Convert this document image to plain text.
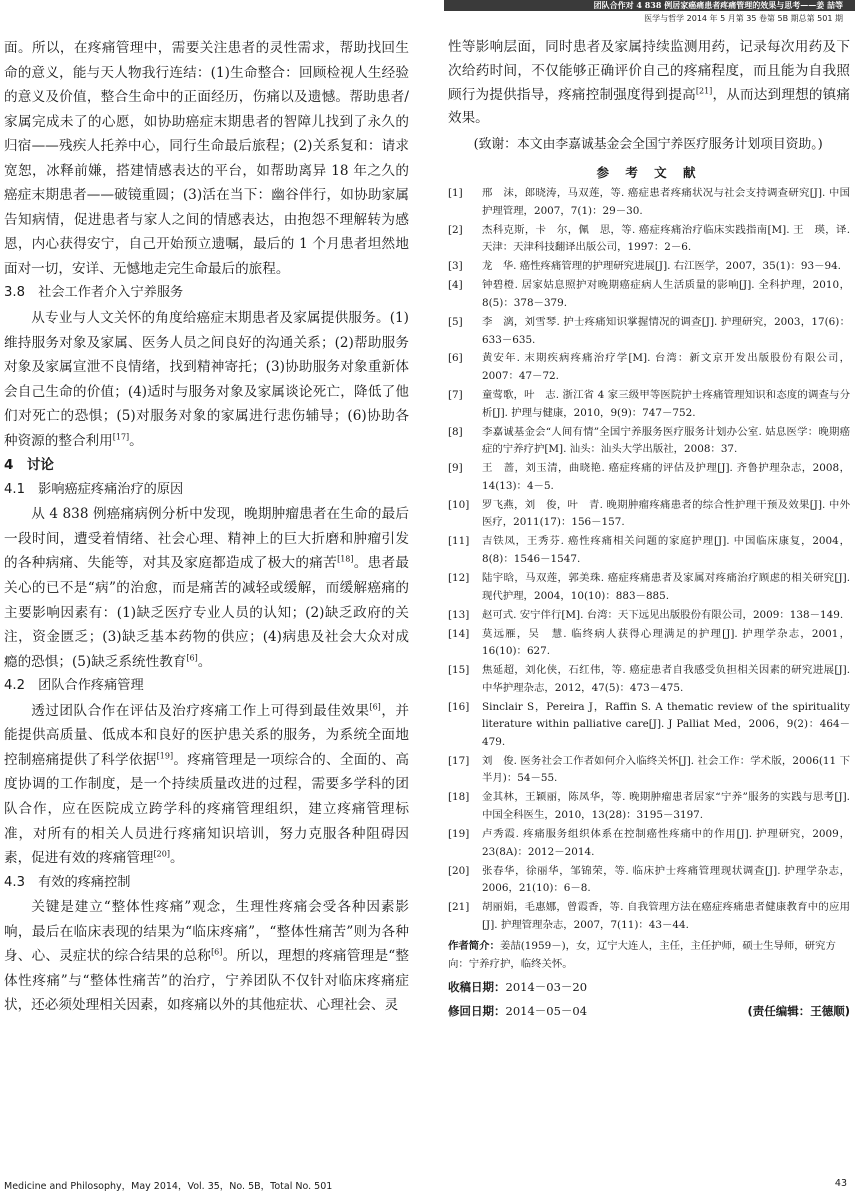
团队合作对 4 838 例居家癌痛患者疼痛管理的效果与思考——姜 喆等
医学与哲学 2014 年 5 月第 35 卷第 5B 期总第 501 期

面。所以，在疼痛管理中，需要关注患者的灵性需求，帮助找回生命的意义，能与天人物我行连结：(1)生命整合：回顾检视人生经验的意义及价值，整合生命中的正面经历，伤痛以及遗憾。帮助患者/家属完成未了的心愿，如协助癌症末期患者的智障儿找到了永久的归宿——残疾人托养中心，同行生命最后旅程；(2)关系复和：请求宽恕，冰释前嫌，搭建情感表达的平台，如帮助离异 18 年之久的癌症末期患者——破镜重圆；(3)活在当下：幽谷伴行，如协助家属告知病情，促进患者与家人之间的情感表达，由抱怨不理解转为感恩，内心获得安宁，自己开始预立遗嘱，最后的 1 个月患者坦然地面对一切，安详、无憾地走完生命最后的旅程。

3.8　社会工作者介入宁养服务

从专业与人文关怀的角度给癌症末期患者及家属提供服务。(1)维持服务对象及家属、医务人员之间良好的沟通关系；(2)帮助服务对象及家属宣泄不良情绪，找到精神寄托；(3)协助服务对象重新体会自己生命的价值；(4)适时与服务对象及家属谈论死亡，降低了他们对死亡的恐惧；(5)对服务对象的家属进行悲伤辅导；(6)协助各种资源的整合利用[17]。

4　讨论

4.1　影响癌症疼痛治疗的原因

从 4 838 例癌痛病例分析中发现，晚期肿瘤患者在生命的最后一段时间，遭受着情绪、社会心理、精神上的巨大折磨和肿瘤引发的各种病痛、失能等，对其及家庭都造成了极大的痛苦[18]。患者最关心的已不是“病”的治愈，而是痛苦的减轻或缓解，而缓解癌痛的主要影响因素有：(1)缺乏医疗专业人员的认知；(2)缺乏政府的关注，资金匮乏；(3)缺乏基本药物的供应；(4)病患及社会大众对成瘾的恐惧；(5)缺乏系统性教育[6]。

4.2　团队合作疼痛管理

透过团队合作在评估及治疗疼痛工作上可得到最佳效果[6]，并能提供高质量、低成本和良好的医护患关系的服务，为系统全面地控制癌痛提供了科学依据[19]。疼痛管理是一项综合的、全面的、高度协调的工作制度，是一个持续质量改进的过程，需要多学科的团队合作，应在医院成立跨学科的疼痛管理组织，建立疼痛管理标准，对所有的相关人员进行疼痛知识培训，努力克服各种阻碍因素，促进有效的疼痛管理[20]。

4.3　有效的疼痛控制

关键是建立“整体性疼痛”观念，生理性疼痛会受各种因素影响，最后在临床表现的结果为“临床疼痛”，“整体性痛苦”则为各种身、心、灵症状的综合结果的总称[6]。所以，理想的疼痛管理是“整体性疼痛”与“整体性痛苦”的治疗，宁养团队不仅针对临床疼痛症状，还必须处理相关因素，如疼痛以外的其他症状、心理社会、灵

性等影响层面，同时患者及家属持续监测用药，记录每次用药及下次给药时间，不仅能够正确评价自己的疼痛程度，而且能为自我照顾行为提供指导，疼痛控制强度得到提高[21]，从而达到理想的镇痛效果。

(致谢：本文由李嘉诚基金会全国宁养医疗服务计划项目资助。)

参 考 文 献
[1]	邢　沫，郎晓涛，马双莲，等. 癌症患者疼痛状况与社会支持调查研究[J]. 中国护理管理，2007，7(1)：29－30.
[2]	杰科克斯，卡　尔，佩　思，等. 癌症疼痛治疗临床实践指南[M]. 王　瑛，译. 天津：天津科技翻译出版公司，1997：2－6.
[3]	龙　华. 癌性疼痛管理的护理研究进展[J]. 右江医学，2007，35(1)：93－94.
[4]	钟碧橙. 居家姑息照护对晚期癌症病人生活质量的影响[J]. 全科护理，2010，8(5)：378－379.
[5]	李　漓，刘雪琴. 护士疼痛知识掌握情况的调查[J]. 护理研究，2003，17(6)：633－635.
[6]	黄安年. 末期疾病疼痛治疗学[M]. 台湾：新文京开发出版股份有限公司，2007：47－72.
[7]	童莺歌，叶　志. 浙江省 4 家三级甲等医院护士疼痛管理知识和态度的调查与分析[J]. 护理与健康，2010，9(9)：747－752.
[8]	李嘉诚基金会“人间有情”全国宁养服务医疗服务计划办公室. 姑息医学：晚期癌症的宁养疗护[M]. 汕头：汕头大学出版社，2008：37.
[9]	王　蔷，刘玉清，曲晓艳. 癌症疼痛的评估及护理[J]. 齐鲁护理杂志，2008，14(13)：4－5.
[10]	罗飞燕，刘　俊，叶　青. 晚期肿瘤疼痛患者的综合性护理干预及效果[J]. 中外医疗，2011(17)：156－157.
[11]	吉铁凤，王秀芬. 癌性疼痛相关问题的家庭护理[J]. 中国临床康复，2004，8(8)：1546－1547.
[12]	陆宇晗，马双莲，郭美珠. 癌症疼痛患者及家属对疼痛治疗顾虑的相关研究[J]. 现代护理，2004，10(10)：883－885.
[13]	赵可式. 安宁伴行[M]. 台湾：天下远见出版股份有限公司，2009：138－149.
[14]	莫远雁，吴　慧. 临终病人获得心理满足的护理[J]. 护理学杂志，2001，16(10)：627.
[15]	焦延超，刘化侠，石红伟，等. 癌症患者自我感受负担相关因素的研究进展[J]. 中华护理杂志，2012，47(5)：473－475.
[16]	Sinclair S，Pereira J，Raffin S. A thematic review of the spirituality literature within palliative care[J]. J Palliat Med，2006，9(2)：464－479.
[17]	刘　俊. 医务社会工作者如何介入临终关怀[J]. 社会工作：学术版，2006(11 下半月)：54－55.
[18]	金其林，王颖丽，陈凤华，等. 晚期肿瘤患者居家“宁养”服务的实践与思考[J]. 中国全科医生，2010，13(28)：3195－3197.
[19]	卢秀霞. 疼痛服务组织体系在控制癌性疼痛中的作用[J]. 护理研究，2009，23(8A)：2012－2014.
[20]	张春华，徐丽华，邹锦荣，等. 临床护士疼痛管理现状调查[J]. 护理学杂志，2006，21(10)：6－8.
[21]	胡丽娟，毛惠娜，曾霞香，等. 自我管理方法在癌症疼痛患者健康教育中的应用[J]. 护理管理杂志，2007，7(11)：43－44.

作者简介：姜喆(1959－)，女，辽宁大连人，主任，主任护师，硕士生导师，研究方向：宁养疗护，临终关怀。

收稿日期：2014－03－20
修回日期：2014－05－04	(责任编辑：王德顺)
Medicine and Philosophy，May 2014，Vol. 35，No. 5B，Total No. 501	43
